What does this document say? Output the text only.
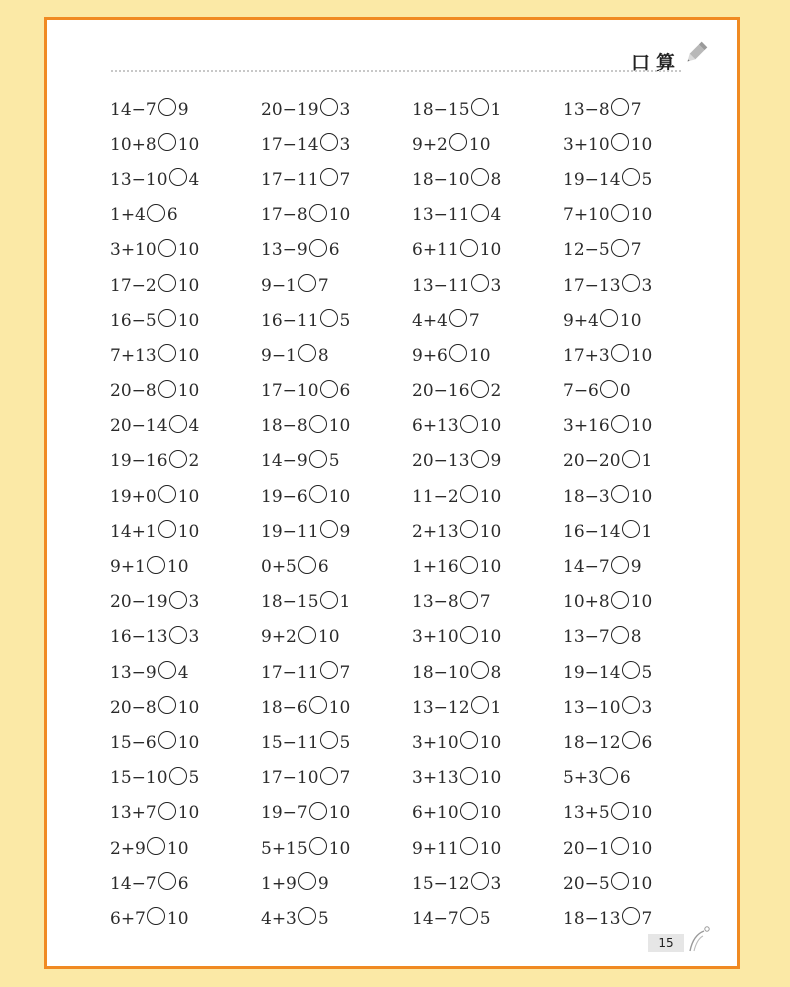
口算
14−7 9	20−19 3	18−15 1	13−8 7
10+8 10	17−14 3	9+2 10	3+10 10
13−10 4	17−11 7	18−10 8	19−14 5
1+4 6	17−8 10	13−11 4	7+10 10
3+10 10	13−9 6	6+11 10	12−5 7
17−2 10	9−1 7	13−11 3	17−13 3
16−5 10	16−11 5	4+4 7	9+4 10
7+13 10	9−1 8	9+6 10	17+3 10
20−8 10	17−10 6	20−16 2	7−6 0
20−14 4	18−8 10	6+13 10	3+16 10
19−16 2	14−9 5	20−13 9	20−20 1
19+0 10	19−6 10	11−2 10	18−3 10
14+1 10	19−11 9	2+13 10	16−14 1
9+1 10	0+5 6	1+16 10	14−7 9
20−19 3	18−15 1	13−8 7	10+8 10
16−13 3	9+2 10	3+10 10	13−7 8
13−9 4	17−11 7	18−10 8	19−14 5
20−8 10	18−6 10	13−12 1	13−10 3
15−6 10	15−11 5	3+10 10	18−12 6
15−10 5	17−10 7	3+13 10	5+3 6
13+7 10	19−7 10	6+10 10	13+5 10
2+9 10	5+15 10	9+11 10	20−1 10
14−7 6	1+9 9	15−12 3	20−5 10
6+7 10	4+3 5	14−7 5	18−13 7
15
